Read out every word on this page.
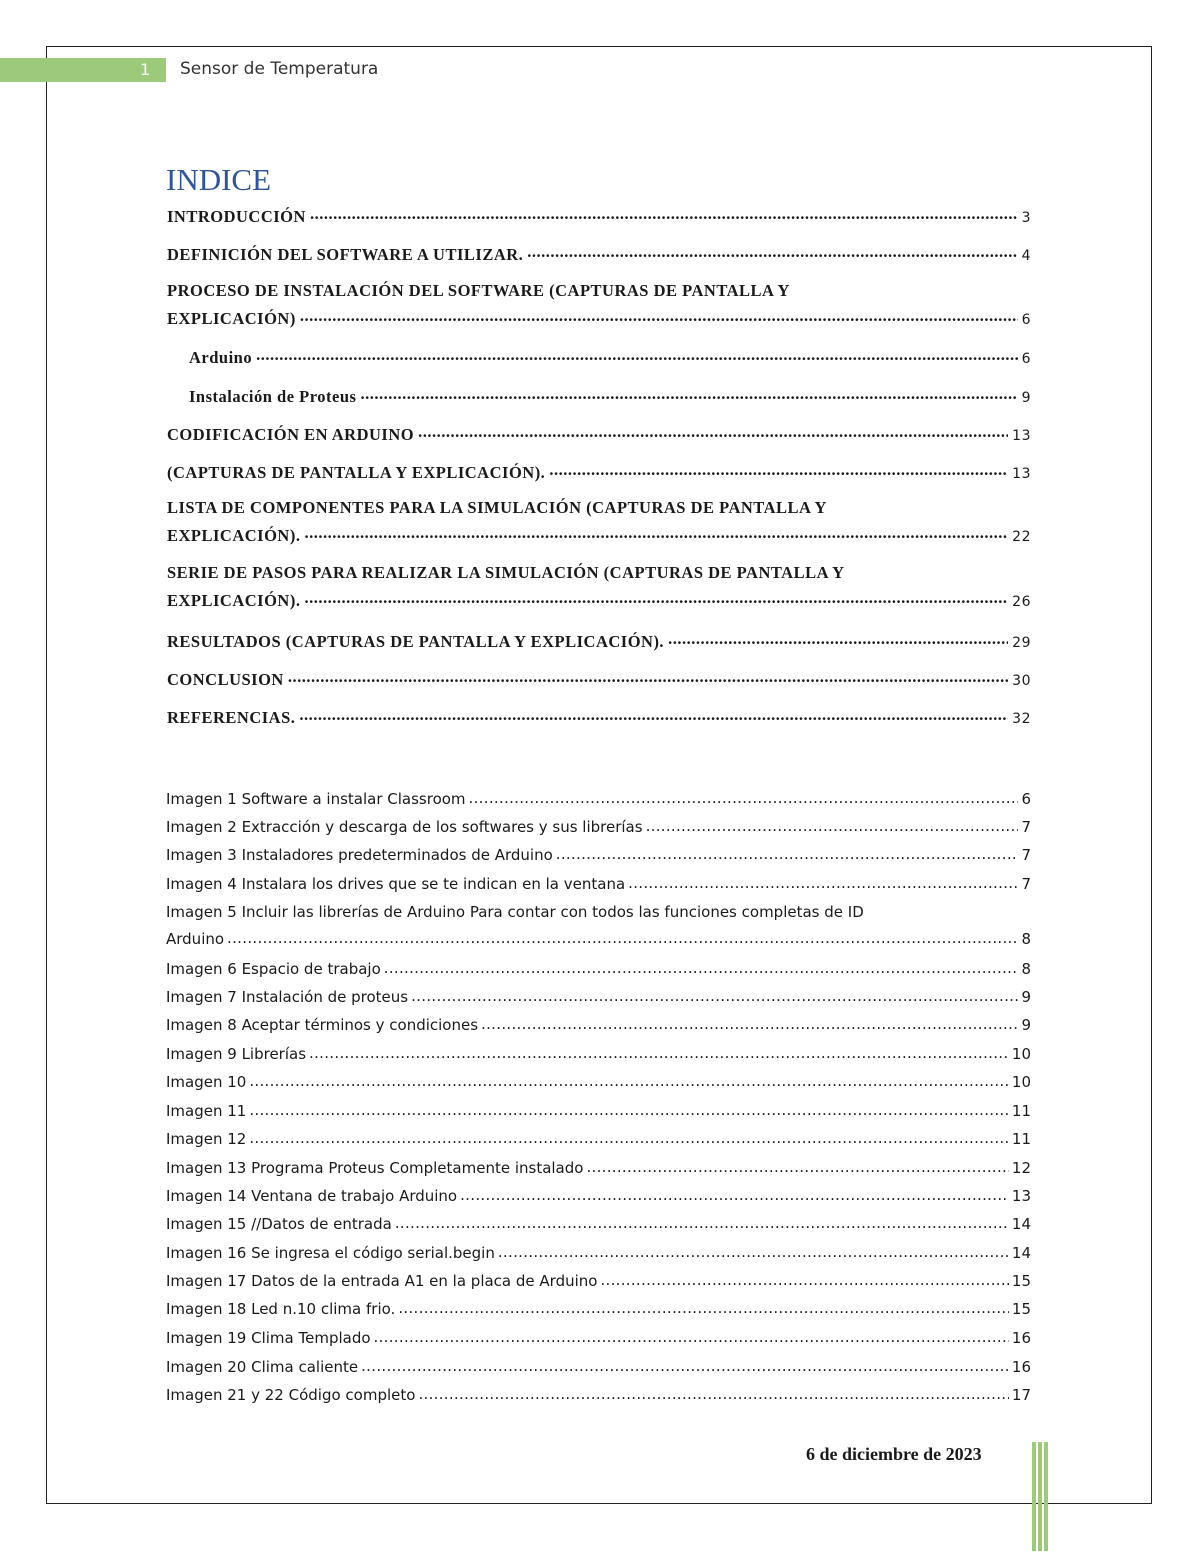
1 Sensor de Temperatura
INDICE
INTRODUCCIÓN .....	3
DEFINICIÓN DEL SOFTWARE A UTILIZAR. .....	4
PROCESO DE INSTALACIÓN DEL SOFTWARE (CAPTURAS DE PANTALLA Y
EXPLICACIÓN) .....	6
Arduino .....	6
Instalación de Proteus .....	9
CODIFICACIÓN EN ARDUINO .....	13
(CAPTURAS DE PANTALLA Y EXPLICACIÓN). .....	13
LISTA DE COMPONENTES PARA LA SIMULACIÓN (CAPTURAS DE PANTALLA Y
EXPLICACIÓN). .....	22
SERIE DE PASOS PARA REALIZAR LA SIMULACIÓN (CAPTURAS DE PANTALLA Y
EXPLICACIÓN). .....	26
RESULTADOS (CAPTURAS DE PANTALLA Y EXPLICACIÓN). .....	29
CONCLUSION .....	30
REFERENCIAS. .....	32
Imagen 1 Software a instalar Classroom .....	6
Imagen 2 Extracción y descarga de los softwares y sus librerías .....	7
Imagen 3 Instaladores predeterminados de Arduino .....	7
Imagen 4 Instalara los drives que se te indican en la ventana .....	7
Imagen 5 Incluir las librerías de Arduino Para contar con todos las funciones completas de ID
Arduino .....	8
Imagen 6 Espacio de trabajo .....	8
Imagen 7 Instalación de proteus .....	9
Imagen 8 Aceptar términos y condiciones .....	9
Imagen 9 Librerías .....	10
Imagen 10 .....	10
Imagen 11 .....	11
Imagen 12 .....	11
Imagen 13 Programa Proteus Completamente instalado .....	12
Imagen 14 Ventana de trabajo Arduino .....	13
Imagen 15 //Datos de entrada .....	14
Imagen 16 Se ingresa el código serial.begin .....	14
Imagen 17 Datos de la entrada A1 en la placa de Arduino .....	15
Imagen 18 Led n.10 clima frio. .....	15
Imagen 19 Clima Templado .....	16
Imagen 20 Clima caliente .....	16
Imagen 21 y 22 Código completo .....	17
6 de diciembre de 2023
